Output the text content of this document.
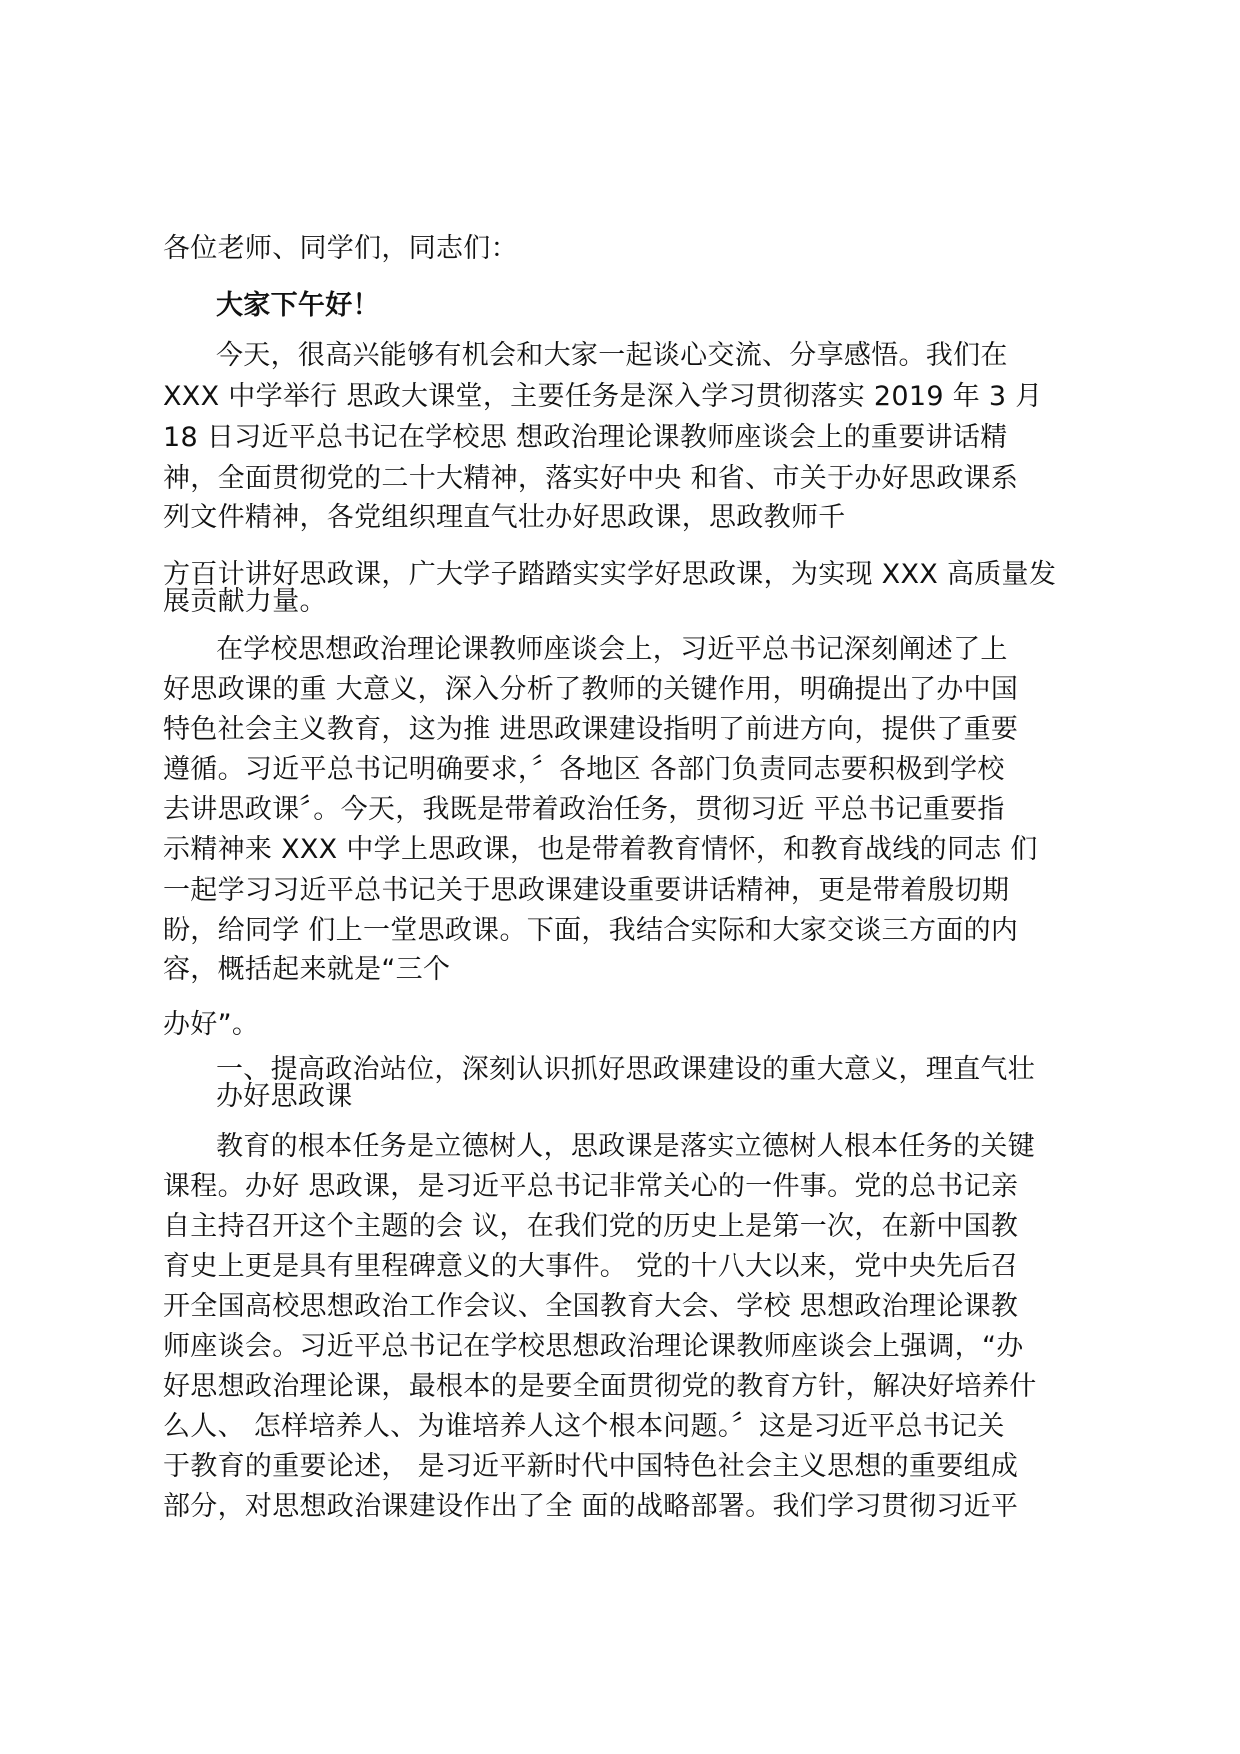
各位老师、同学们，同志们：
大家下午好！
今天，很高兴能够有机会和大家一起谈心交流、分享感悟。我们在
XXX 中学举行 思政大课堂，主要任务是深入学习贯彻落实 2019 年 3 月
18 日习近平总书记在学校思 想政治理论课教师座谈会上的重要讲话精
神，全面贯彻党的二十大精神，落实好中央 和省、市关于办好思政课系
列文件精神，各党组织理直气壮办好思政课，思政教师千
方百计讲好思政课，广大学子踏踏实实学好思政课，为实现 XXX 高质量发
展贡献力量。
在学校思想政治理论课教师座谈会上，习近平总书记深刻阐述了上
好思政课的重 大意义，深入分析了教师的关键作用，明确提出了办中国
特色社会主义教育，这为推 进思政课建设指明了前进方向，提供了重要
遵循。习近平总书记明确要求，〞各地区 各部门负责同志要积极到学校
去讲思政课〞。今天，我既是带着政治任务，贯彻习近 平总书记重要指
示精神来 XXX 中学上思政课，也是带着教育情怀，和教育战线的同志 们
一起学习习近平总书记关于思政课建设重要讲话精神，更是带着殷切期
盼，给同学 们上一堂思政课。下面，我结合实际和大家交谈三方面的内
容，概括起来就是“三个
办好”。
一、提高政治站位，深刻认识抓好思政课建设的重大意义，理直气壮
办好思政课
教育的根本任务是立德树人，思政课是落实立德树人根本任务的关键
课程。办好 思政课，是习近平总书记非常关心的一件事。党的总书记亲
自主持召开这个主题的会 议，在我们党的历史上是第一次，在新中国教
育史上更是具有里程碑意义的大事件。 党的十八大以来，党中央先后召
开全国高校思想政治工作会议、全国教育大会、学校 思想政治理论课教
师座谈会。习近平总书记在学校思想政治理论课教师座谈会上强调，“办
好思想政治理论课，最根本的是要全面贯彻党的教育方针，解决好培养什
么人、 怎样培养人、为谁培养人这个根本问题。〞这是习近平总书记关
于教育的重要论述， 是习近平新时代中国特色社会主义思想的重要组成
部分，对思想政治课建设作出了全 面的战略部署。我们学习贯彻习近平
